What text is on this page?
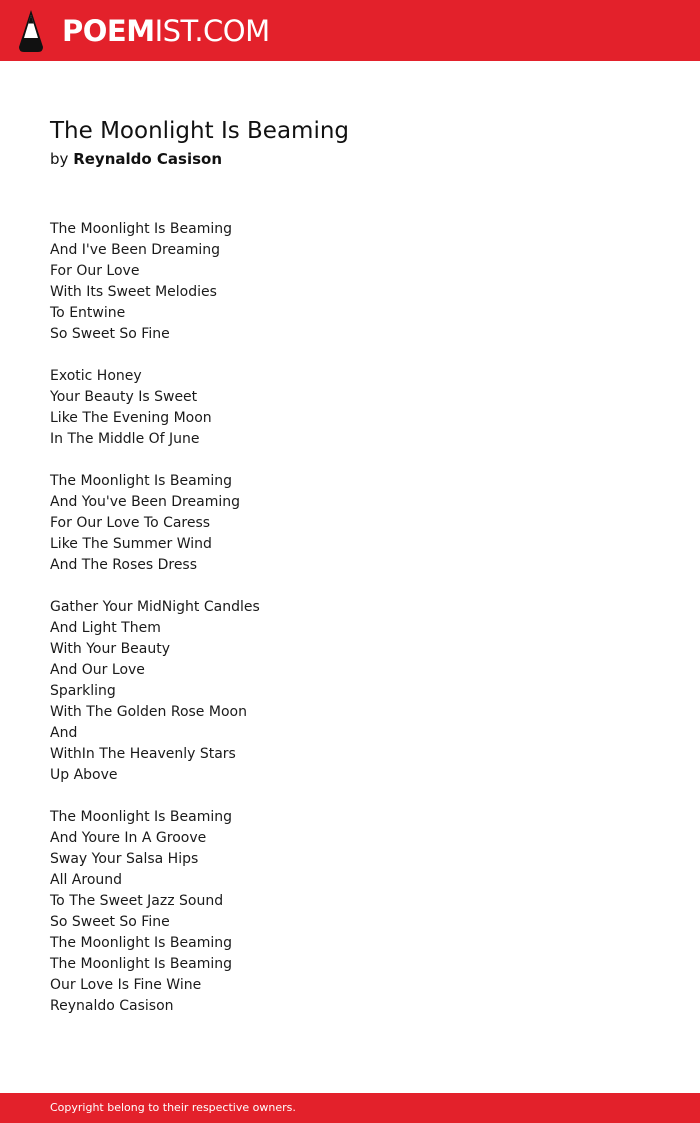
POEMIST.COM
The Moonlight Is Beaming
by Reynaldo Casison
The Moonlight Is Beaming
And I've Been Dreaming
For Our Love
With Its Sweet Melodies
To Entwine
So Sweet So Fine
Exotic Honey
Your Beauty Is Sweet
Like The Evening Moon
In The Middle Of June
The Moonlight Is Beaming
And You've Been Dreaming
For Our Love To Caress
Like The Summer Wind
And The Roses Dress
Gather Your MidNight Candles
And Light Them
With Your Beauty
And Our Love
Sparkling
With The Golden Rose Moon
And
WithIn The Heavenly Stars
Up Above
The Moonlight Is Beaming
And Youre In A Groove
Sway Your Salsa Hips
All Around
To The Sweet Jazz Sound
So Sweet So Fine
The Moonlight Is Beaming
The Moonlight Is Beaming
Our Love Is Fine Wine
Reynaldo Casison
Copyright belong to their respective owners.
